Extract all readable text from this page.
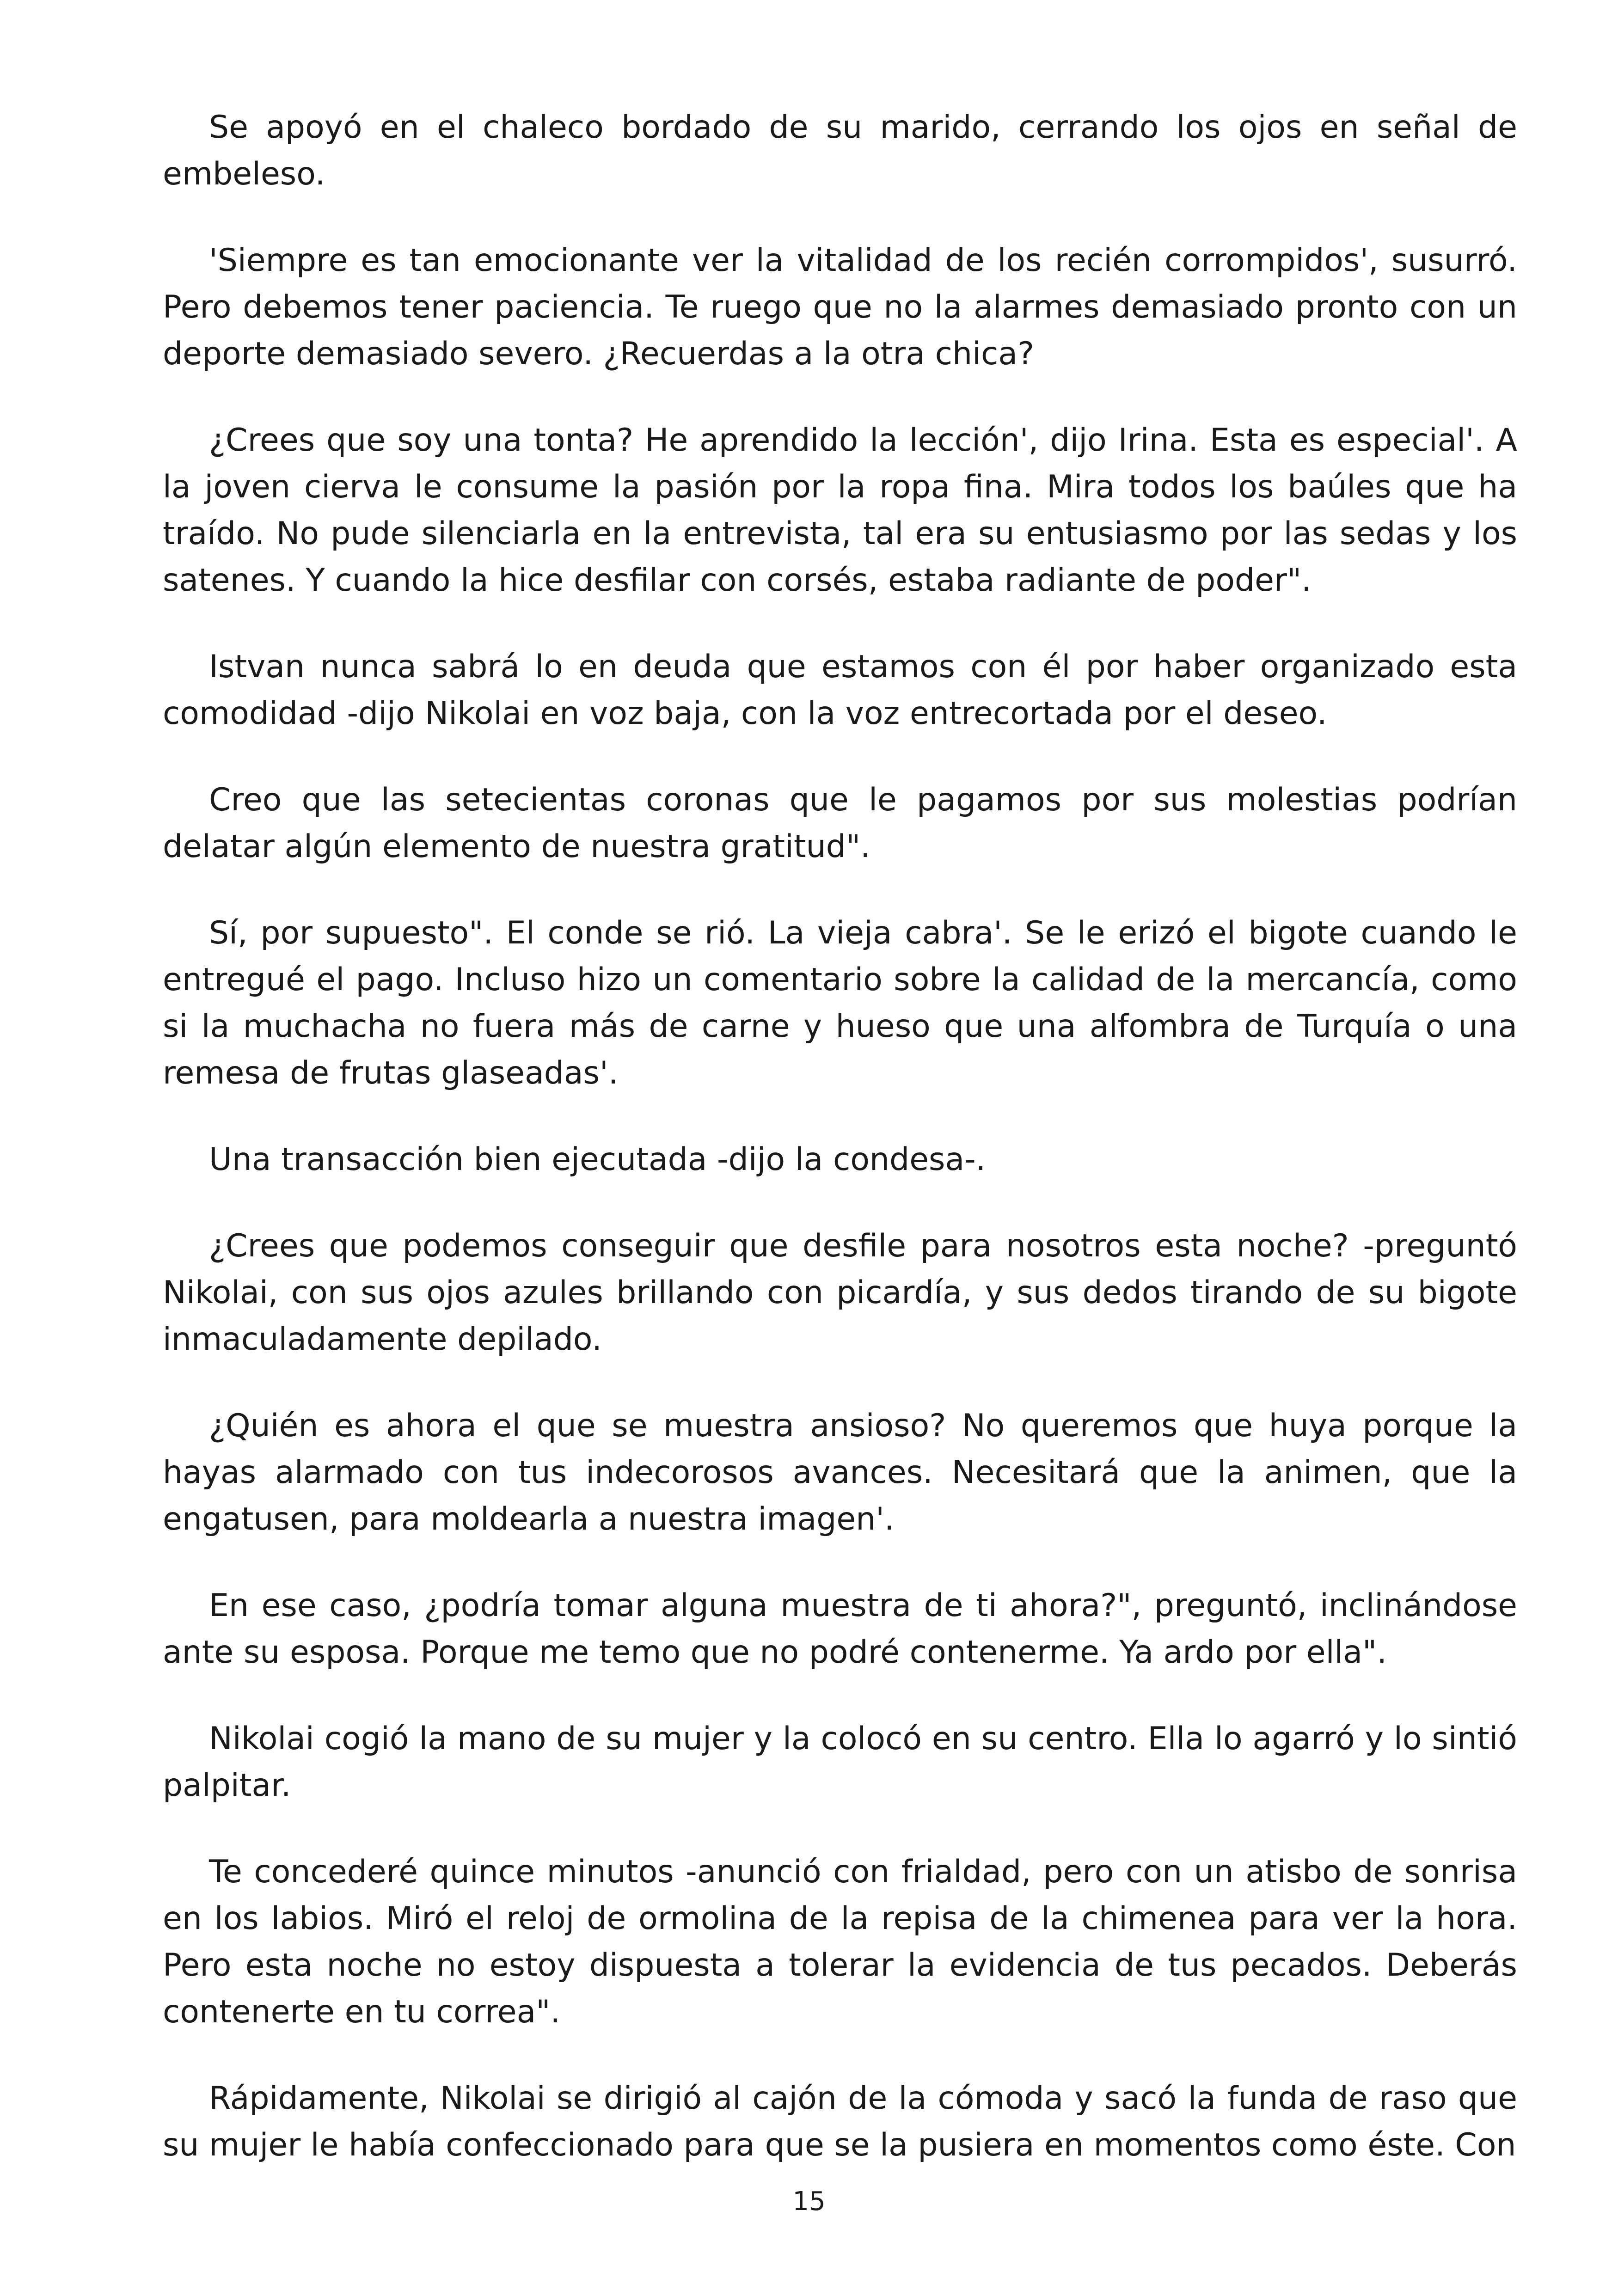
Se apoyó en el chaleco bordado de su marido, cerrando los ojos en señal de embeleso.

'Siempre es tan emocionante ver la vitalidad de los recién corrompidos', susurró. Pero debemos tener paciencia. Te ruego que no la alarmes demasiado pronto con un deporte demasiado severo. ¿Recuerdas a la otra chica?

¿Crees que soy una tonta? He aprendido la lección', dijo Irina. Esta es especial'. A la joven cierva le consume la pasión por la ropa fina. Mira todos los baúles que ha traído. No pude silenciarla en la entrevista, tal era su entusiasmo por las sedas y los satenes. Y cuando la hice desfilar con corsés, estaba radiante de poder".

Istvan nunca sabrá lo en deuda que estamos con él por haber organizado esta comodidad -dijo Nikolai en voz baja, con la voz entrecortada por el deseo.

Creo que las setecientas coronas que le pagamos por sus molestias podrían delatar algún elemento de nuestra gratitud".

Sí, por supuesto". El conde se rió. La vieja cabra'. Se le erizó el bigote cuando le entregué el pago. Incluso hizo un comentario sobre la calidad de la mercancía, como si la muchacha no fuera más de carne y hueso que una alfombra de Turquía o una remesa de frutas glaseadas'.

Una transacción bien ejecutada -dijo la condesa-.

¿Crees que podemos conseguir que desfile para nosotros esta noche? -preguntó Nikolai, con sus ojos azules brillando con picardía, y sus dedos tirando de su bigote inmaculadamente depilado.

¿Quién es ahora el que se muestra ansioso? No queremos que huya porque la hayas alarmado con tus indecorosos avances. Necesitará que la animen, que la engatusen, para moldearla a nuestra imagen'.

En ese caso, ¿podría tomar alguna muestra de ti ahora?", preguntó, inclinándose ante su esposa. Porque me temo que no podré contenerme. Ya ardo por ella".

Nikolai cogió la mano de su mujer y la colocó en su centro. Ella lo agarró y lo sintió palpitar.

Te concederé quince minutos -anunció con frialdad, pero con un atisbo de sonrisa en los labios. Miró el reloj de ormolina de la repisa de la chimenea para ver la hora. Pero esta noche no estoy dispuesta a tolerar la evidencia de tus pecados. Deberás contenerte en tu correa".

Rápidamente, Nikolai se dirigió al cajón de la cómoda y sacó la funda de raso que su mujer le había confeccionado para que se la pusiera en momentos como éste. Con

15
